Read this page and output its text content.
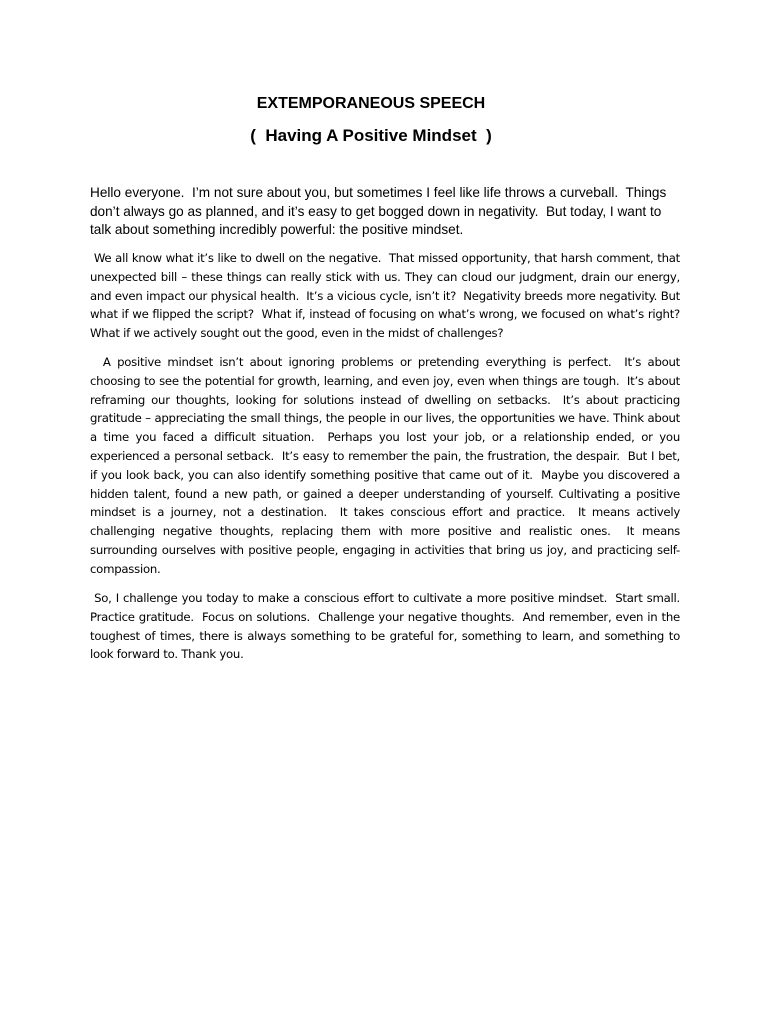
EXTEMPORANEOUS SPEECH
(  Having A Positive Mindset  )

Hello everyone.  I’m not sure about you, but sometimes I feel like life throws a curveball.  Things don’t always go as planned, and it’s easy to get bogged down in negativity.  But today, I want to talk about something incredibly powerful: the positive mindset.

We all know what it’s like to dwell on the negative.  That missed opportunity, that harsh comment, that unexpected bill – these things can really stick with us. They can cloud our judgment, drain our energy, and even impact our physical health.  It’s a vicious cycle, isn’t it?  Negativity breeds more negativity. But what if we flipped the script?  What if, instead of focusing on what’s wrong, we focused on what’s right? What if we actively sought out the good, even in the midst of challenges?

A positive mindset isn’t about ignoring problems or pretending everything is perfect.  It’s about choosing to see the potential for growth, learning, and even joy, even when things are tough.  It’s about reframing our thoughts, looking for solutions instead of dwelling on setbacks.  It’s about practicing gratitude – appreciating the small things, the people in our lives, the opportunities we have. Think about a time you faced a difficult situation.  Perhaps you lost your job, or a relationship ended, or you experienced a personal setback.  It’s easy to remember the pain, the frustration, the despair.  But I bet, if you look back, you can also identify something positive that came out of it.  Maybe you discovered a hidden talent, found a new path, or gained a deeper understanding of yourself. Cultivating a positive mindset is a journey, not a destination.  It takes conscious effort and practice.  It means actively challenging negative thoughts, replacing them with more positive and realistic ones.  It means surrounding ourselves with positive people, engaging in activities that bring us joy, and practicing self-compassion.

So, I challenge you today to make a conscious effort to cultivate a more positive mindset.  Start small.  Practice gratitude.  Focus on solutions.  Challenge your negative thoughts.  And remember, even in the toughest of times, there is always something to be grateful for, something to learn, and something to look forward to. Thank you.
